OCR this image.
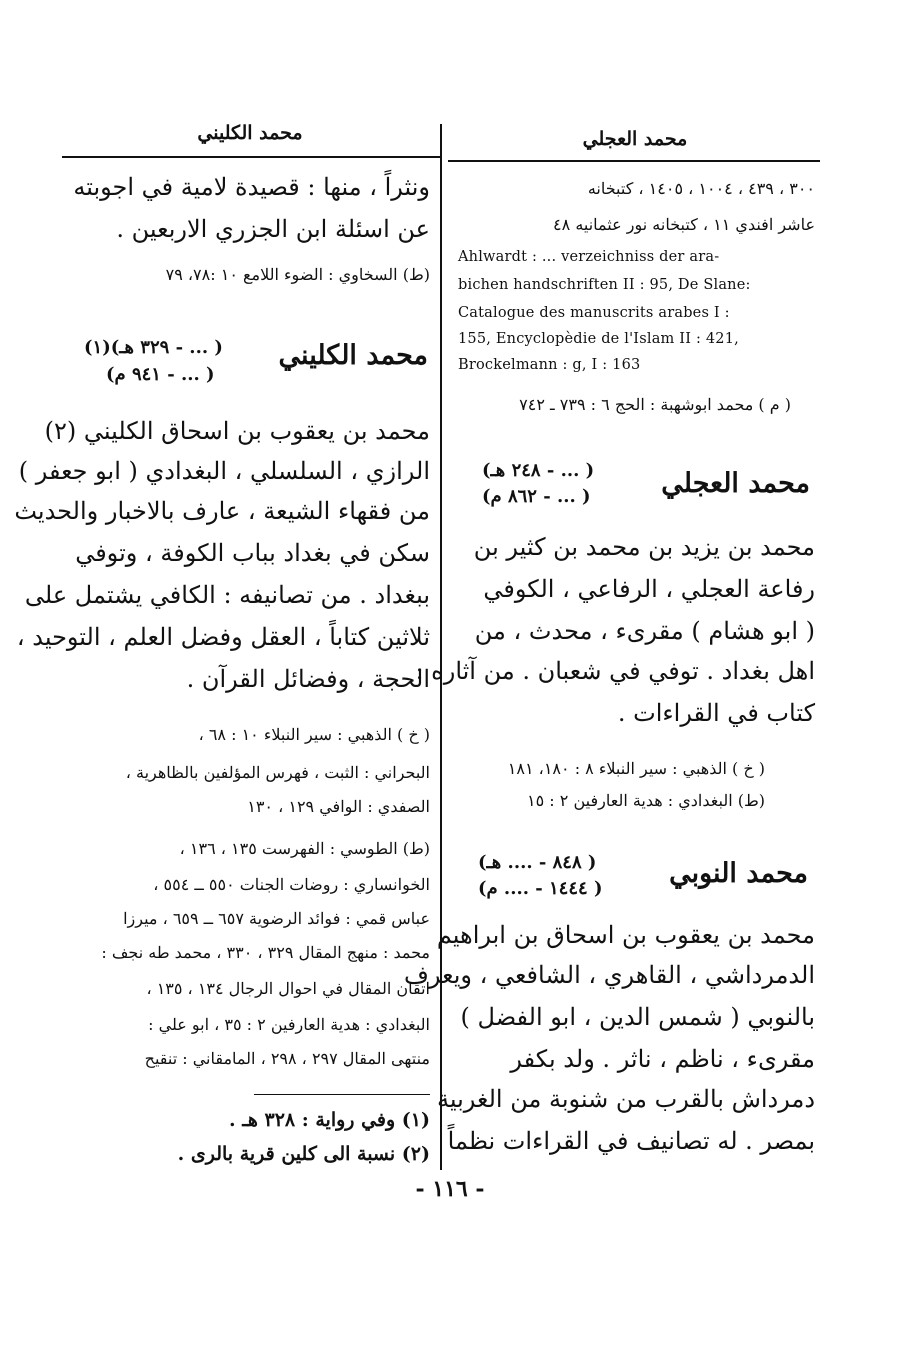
محمد الكليني	محمد العجلي
ونثراً ، منها : قصيدة لامية في اجوبته
عن اسئلة ابن الجزري الاربعين .
(ط) السخاوي : الضوء اللامع ١٠ :٧٨، ٧٩
محمد الكليني
( ... - ٣٢٩ هـ)(١)
( ... - ٩٤١ م)
محمد بن يعقوب بن اسحاق الكليني (٢)
الرازي ، السلسلي ، البغدادي ( ابو جعفر )
من فقهاء الشيعة ، عارف بالاخبار والحديث
سكن في بغداد بباب الكوفة ، وتوفي
ببغداد . من تصانيفه : الكافي يشتمل على
ثلاثين كتاباً ، العقل وفضل العلم ، التوحيد ،
الحجة ، وفضائل القرآن .
( خ ) الذهبي : سير النبلاء ١٠ : ٦٨ ،
البحراني : الثبت ، فهرس المؤلفين بالظاهرية ،
الصفدي : الوافي ١٢٩ ، ١٣٠
(ط) الطوسي : الفهرست ١٣٥ ، ١٣٦ ،
الخوانساري : روضات الجنات ٥٥٠ ــ ٥٥٤ ،
عباس قمي : فوائد الرضوية ٦٥٧ ــ ٦٥٩ ، ميرزا
محمد : منهج المقال ٣٢٩ ، ٣٣٠ ، محمد طه نجف :
اتقان المقال في احوال الرجال ١٣٤ ، ١٣٥ ،
البغدادي : هدية العارفين ٢ : ٣٥ ، ابو علي :
منتهى المقال ٢٩٧ ، ٢٩٨ ، المامقاني : تنقيح
(١) وفي رواية : ٣٢٨ هـ .
(٢) نسبة الى كلين قرية بالرى .
٣٠٠ ، ٤٣٩ ، ١٠٠٤ ، ١٤٠٥ ، كتبخانه
عاشر افندي ١١ ، كتبخانه نور عثمانيه ٤٨
Ahlwardt : ... verzeichniss der ara-
bichen handschriften II : 95, De Slane:
Catalogue des manuscrits arabes I :
155, Encyclopèdie de l'Islam II : 421,
Brockelmann : g, I : 163
( م ) محمد ابوشهبة : الحج ٦ : ٧٣٩ ـ ٧٤٢
محمد العجلي
( ... - ٢٤٨ هـ)
( ... - ٨٦٢ م)
محمد بن يزيد بن محمد بن كثير بن
رفاعة العجلي ، الرفاعي ، الكوفي
( ابو هشام ) مقرىء ، محدث ، من
اهل بغداد . توفي في شعبان . من آثاره :
كتاب في القراءات .
( خ ) الذهبي : سير النبلاء ٨ : ١٨٠، ١٨١
(ط) البغدادي : هدية العارفين ٢ : ١٥
محمد النوبي
( ٨٤٨ - .... هـ)
( ١٤٤٤ - .... م)
محمد بن يعقوب بن اسحاق بن ابراهيم
الدمرداشي ، القاهري ، الشافعي ، ويعرف
بالنوبي ( شمس الدين ، ابو الفضل )
مقرىء ، ناظم ، ناثر . ولد بكفر
دمرداش بالقرب من شنوبة من الغربية
بمصر . له تصانيف في القراءات نظماً
- ١١٦ -
